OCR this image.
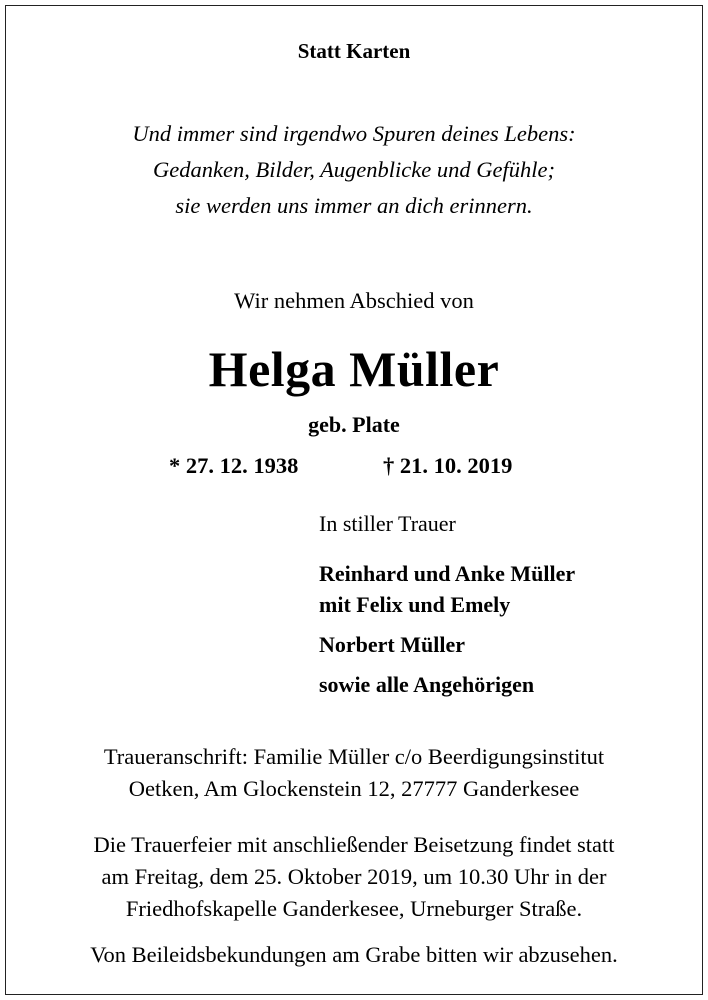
Statt Karten
Und immer sind irgendwo Spuren deines Lebens:
Gedanken, Bilder, Augenblicke und Gefühle;
sie werden uns immer an dich erinnern.
Wir nehmen Abschied von
Helga Müller
geb. Plate
* 27. 12. 1938	† 21. 10. 2019
In stiller Trauer
Reinhard und Anke Müller
mit Felix und Emely
Norbert Müller
sowie alle Angehörigen
Traueranschrift: Familie Müller c/o Beerdigungsinstitut
Oetken, Am Glockenstein 12, 27777 Ganderkesee
Die Trauerfeier mit anschließender Beisetzung findet statt
am Freitag, dem 25. Oktober 2019, um 10.30 Uhr in der
Friedhofskapelle Ganderkesee, Urneburger Straße.
Von Beileidsbekundungen am Grabe bitten wir abzusehen.
